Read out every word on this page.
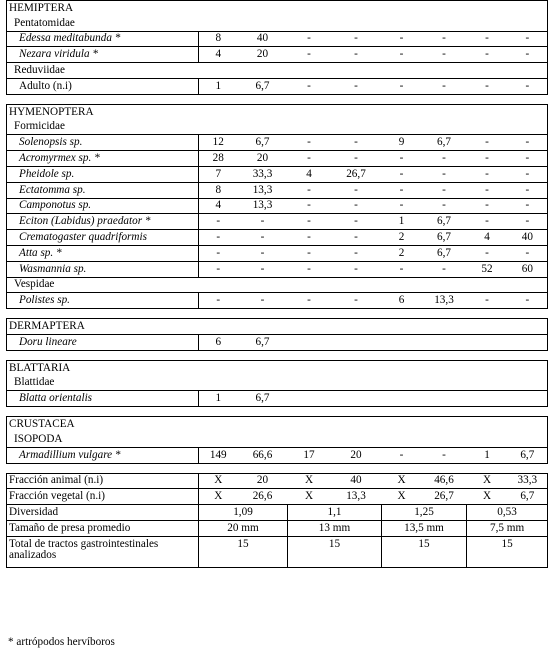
HEMIPTERA								
Pentatomidae								
Edessa meditabunda *	8	40	-	-	-	-	-	-
Nezara viridula *	4	20	-	-	-	-	-	-
Reduviidae								
Adulto (n.i)	1	6,7	-	-	-	-	-	-

HYMENOPTERA								
Formicidae								
Solenopsis sp.	12	6,7	-	-	9	6,7	-	-
Acromyrmex sp. *	28	20	-	-	-	-	-	-
Pheidole sp.	7	33,3	4	26,7	-	-	-	-
Ectatomma sp.	8	13,3	-	-	-	-	-	-
Camponotus sp.	4	13,3	-	-	-	-	-	-
Eciton (Labidus) praedator *	-	-	-	-	1	6,7	-	-
Crematogaster quadriformis	-	-	-	-	2	6,7	4	40
Atta sp. *	-	-	-	-	2	6,7	-	-
Wasmannia sp.	-	-	-	-	-	-	52	60
Vespidae								
Polistes sp.	-	-	-	-	6	13,3	-	-

DERMAPTERA								
Doru lineare	6	6,7						

BLATTARIA								
Blattidae								
Blatta orientalis	1	6,7						

CRUSTACEA								
ISOPODA								
Armadillium vulgare *	149	66,6	17	20	-	-	1	6,7

Fracción animal (n.i)	X	20	X	40	X	46,6	X	33,3
Fracción vegetal (n.i)	X	26,6	X	13,3	X	26,7	X	6,7
Diversidad	1,09		1,1		1,25		0,53	
Tamaño de presa promedio	20 mm		13 mm		13,5 mm		7,5 mm	
Total de tractos gastrointestinales analizados	15		15		15		15	
* artrópodos hervíboros
